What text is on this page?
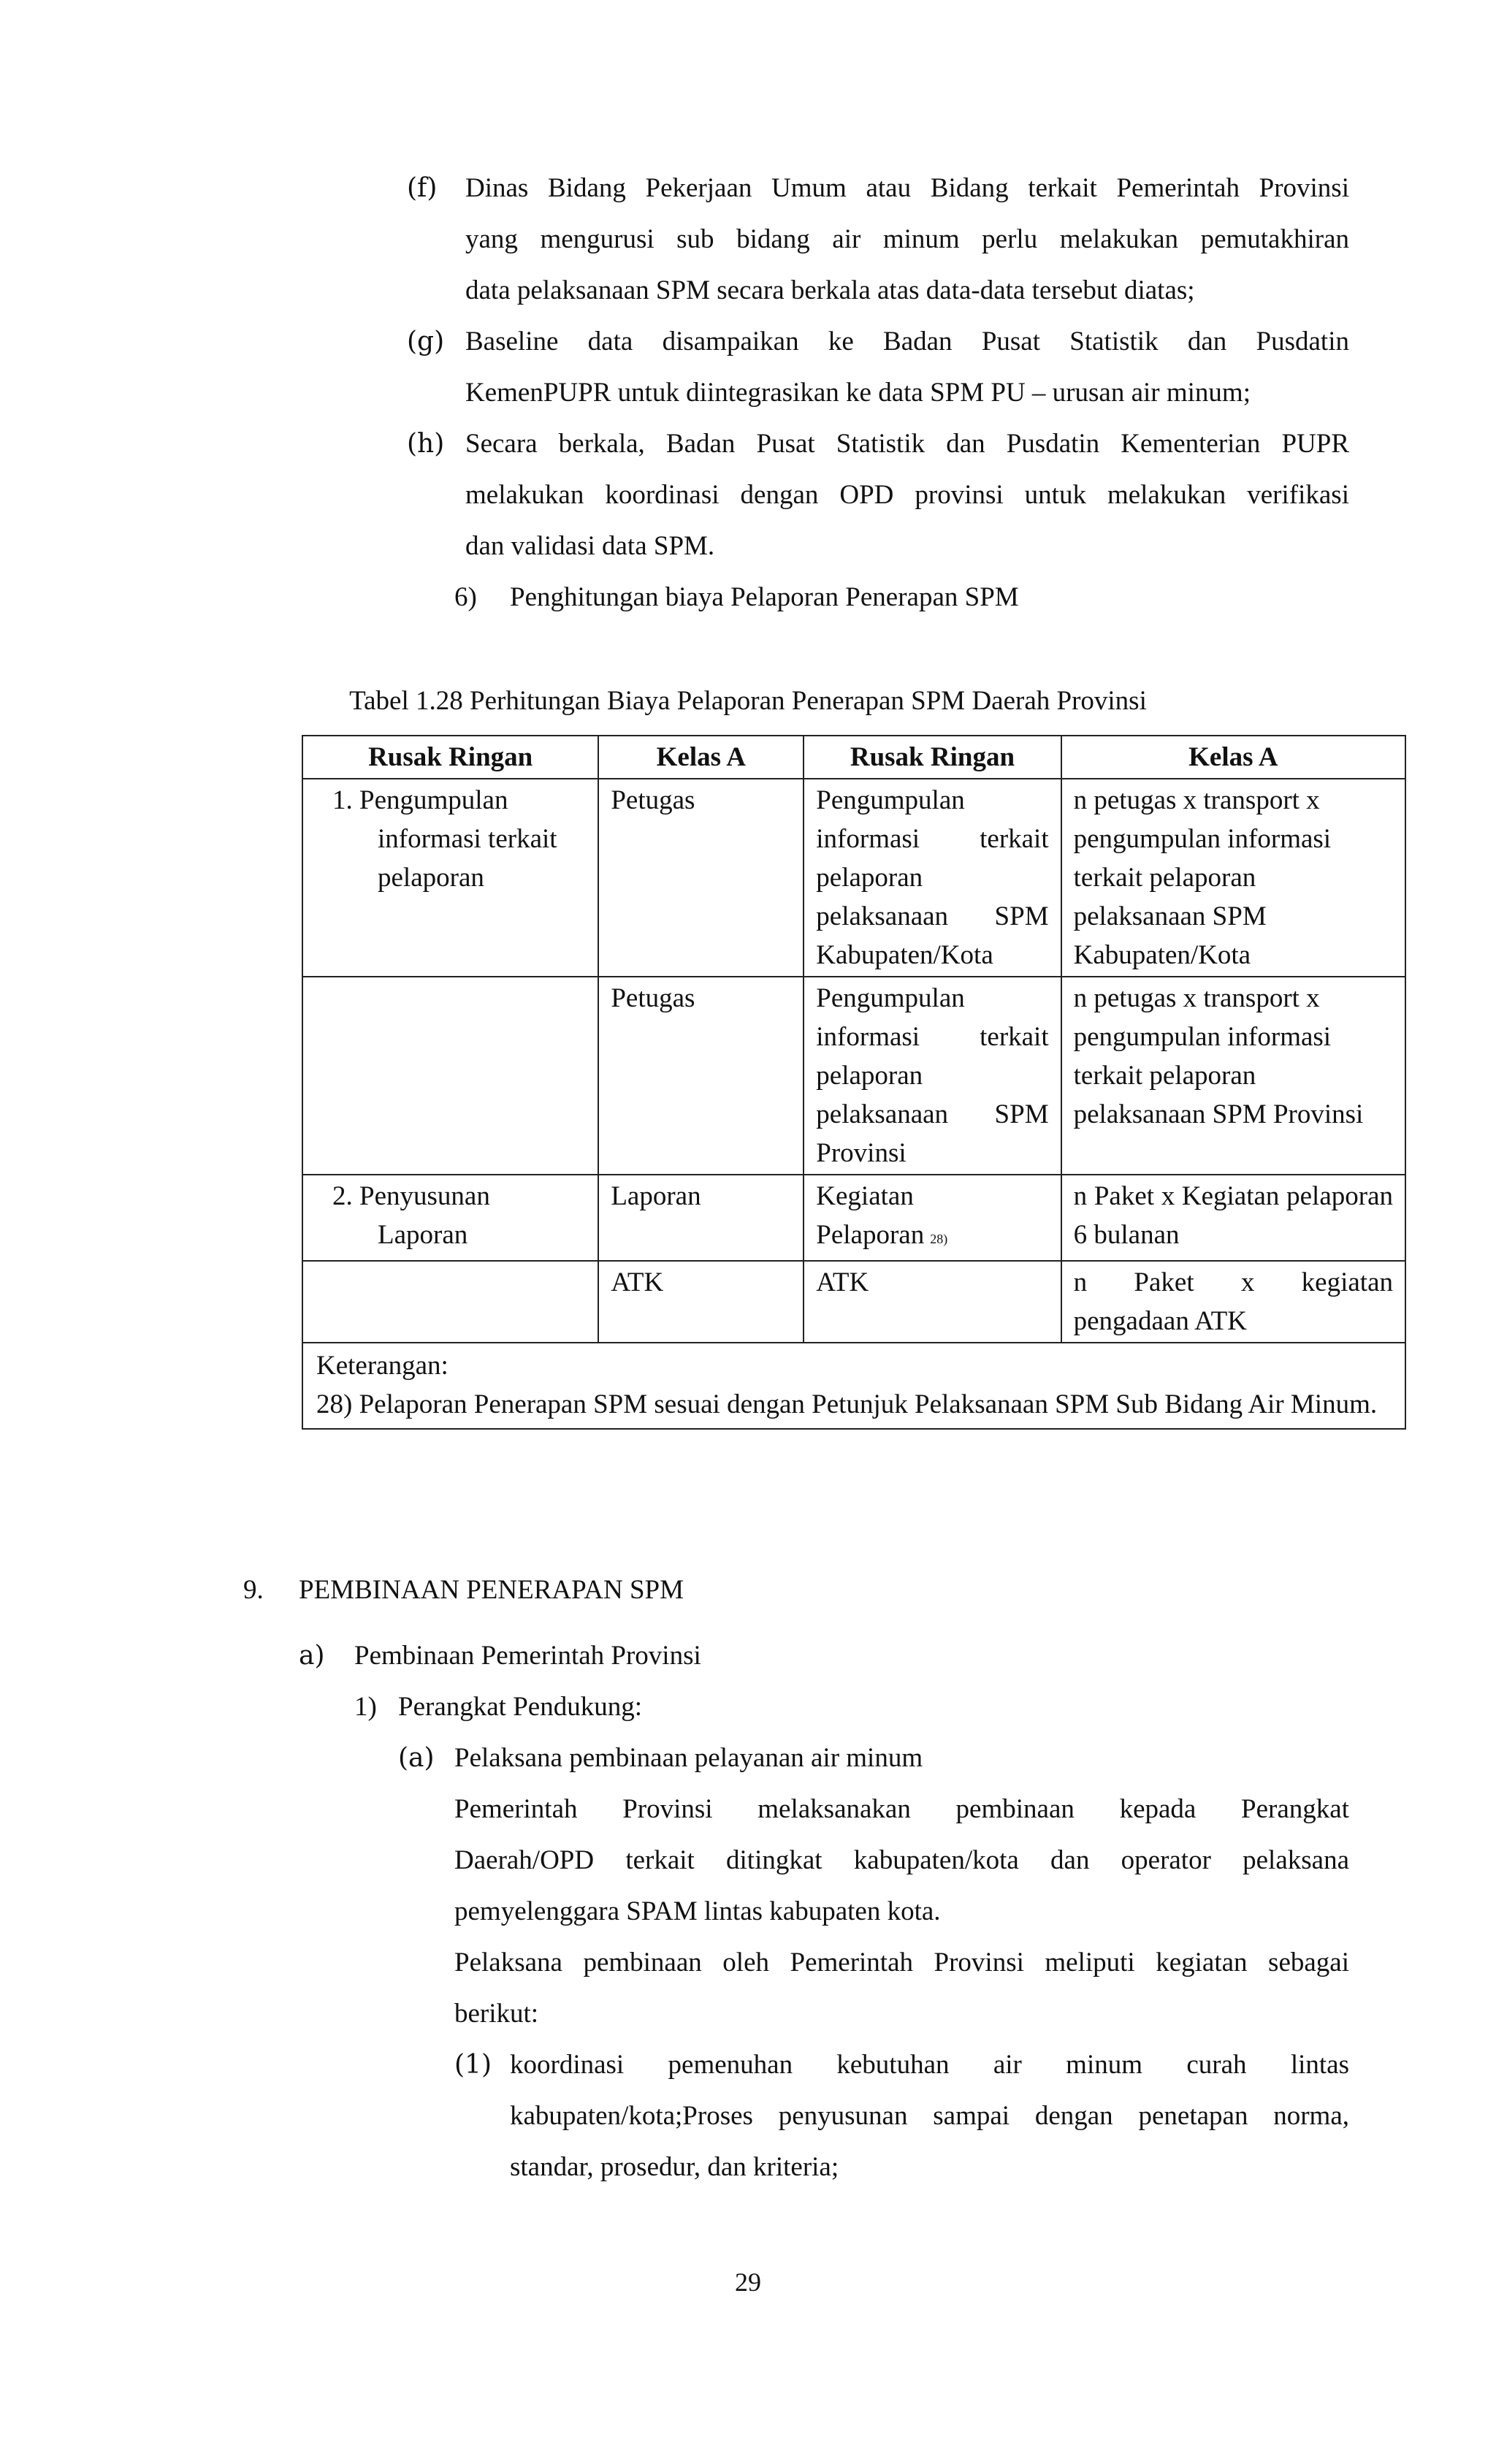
(f) Dinas Bidang Pekerjaan Umum atau Bidang terkait Pemerintah Provinsi
yang mengurusi sub bidang air minum perlu melakukan pemutakhiran
data pelaksanaan SPM secara berkala atas data-data tersebut diatas;
(g) Baseline data disampaikan ke Badan Pusat Statistik dan Pusdatin
KemenPUPR untuk diintegrasikan ke data SPM PU – urusan air minum;
(h) Secara berkala, Badan Pusat Statistik dan Pusdatin Kementerian PUPR
melakukan koordinasi dengan OPD provinsi untuk melakukan verifikasi
dan validasi data SPM.
6) Penghitungan biaya Pelaporan Penerapan SPM
Tabel 1.28 Perhitungan Biaya Pelaporan Penerapan SPM Daerah Provinsi
Rusak Ringan	Kelas A	Rusak Ringan	Kelas A

1. Pengumpulan informasi terkait pelaporan	Petugas	Pengumpulan informasi terkait pelaporan pelaksanaan SPM Kabupaten/Kota	n petugas x transport x pengumpulan informasi terkait pelaporan pelaksanaan SPM Kabupaten/Kota
	Petugas	Pengumpulan informasi terkait pelaporan pelaksanaan SPM Provinsi	n petugas x transport x pengumpulan informasi terkait pelaporan pelaksanaan SPM Provinsi

2. Penyusunan Laporan	Laporan	Kegiatan Pelaporan 28)	n Paket x Kegiatan pelaporan 6 bulanan
	ATK	ATK	n Paket x kegiatan pengadaan ATK

Keterangan:
28) Pelaporan Penerapan SPM sesuai dengan Petunjuk Pelaksanaan SPM Sub Bidang Air Minum.			
9. PEMBINAAN PENERAPAN SPM
a) Pembinaan Pemerintah Provinsi
1) Perangkat Pendukung:
(a) Pelaksana pembinaan pelayanan air minum
Pemerintah Provinsi melaksanakan pembinaan kepada Perangkat
Daerah/OPD terkait ditingkat kabupaten/kota dan operator pelaksana
pemyelenggara SPAM lintas kabupaten kota.
Pelaksana pembinaan oleh Pemerintah Provinsi meliputi kegiatan sebagai
berikut:
(1) koordinasi pemenuhan kebutuhan air minum curah lintas
kabupaten/kota;Proses penyusunan sampai dengan penetapan norma,
standar, prosedur, dan kriteria;
29
